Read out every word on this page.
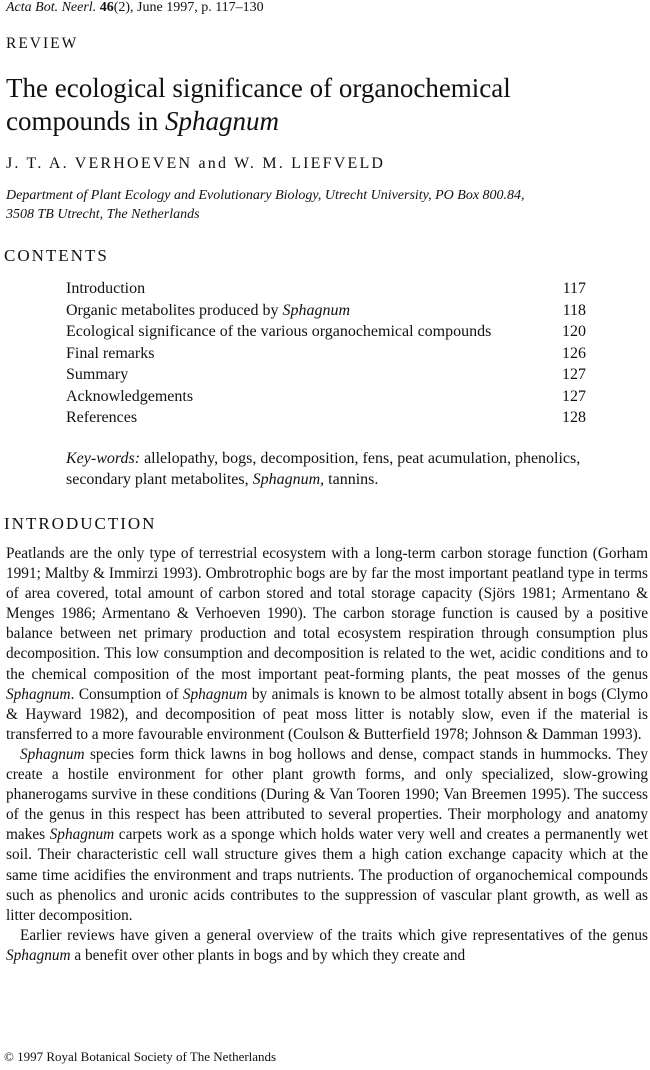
Acta Bot. Neerl. 46(2), June 1997, p. 117–130
REVIEW
The ecological significance of organochemical
compounds in Sphagnum
J. T. A. VERHOEVEN and W. M. LIEFVELD
Department of Plant Ecology and Evolutionary Biology, Utrecht University, PO Box 800.84,
3508 TB Utrecht, The Netherlands
CONTENTS
Introduction	117
Organic metabolites produced by Sphagnum	118
Ecological significance of the various organochemical compounds	120
Final remarks	126
Summary	127
Acknowledgements	127
References	128
Key-words: allelopathy, bogs, decomposition, fens, peat acumulation, phenolics, secondary plant metabolites, Sphagnum, tannins.
INTRODUCTION

Peatlands are the only type of terrestrial ecosystem with a long-term carbon storage function (Gorham 1991; Maltby & Immirzi 1993). Ombrotrophic bogs are by far the most important peatland type in terms of area covered, total amount of carbon stored and total storage capacity (Sjörs 1981; Armentano & Menges 1986; Armentano & Verhoeven 1990). The carbon storage function is caused by a positive balance between net primary production and total ecosystem respiration through consumption plus decomposition. This low consumption and decomposition is related to the wet, acidic conditions and to the chemical composition of the most important peat-forming plants, the peat mosses of the genus Sphagnum. Consumption of Sphagnum by animals is known to be almost totally absent in bogs (Clymo & Hayward 1982), and decomposition of peat moss litter is notably slow, even if the material is transferred to a more favourable environment (Coulson & Butterfield 1978; Johnson & Damman 1993).

Sphagnum species form thick lawns in bog hollows and dense, compact stands in hummocks. They create a hostile environment for other plant growth forms, and only specialized, slow-growing phanerogams survive in these conditions (During & Van Tooren 1990; Van Breemen 1995). The success of the genus in this respect has been attributed to several properties. Their morphology and anatomy makes Sphagnum carpets work as a sponge which holds water very well and creates a permanently wet soil. Their characteristic cell wall structure gives them a high cation exchange capacity which at the same time acidifies the environment and traps nutrients. The production of organochemical compounds such as phenolics and uronic acids contributes to the suppression of vascular plant growth, as well as litter decomposition.

Earlier reviews have given a general overview of the traits which give representatives of the genus Sphagnum a benefit over other plants in bogs and by which they create and

© 1997 Royal Botanical Society of The Netherlands
